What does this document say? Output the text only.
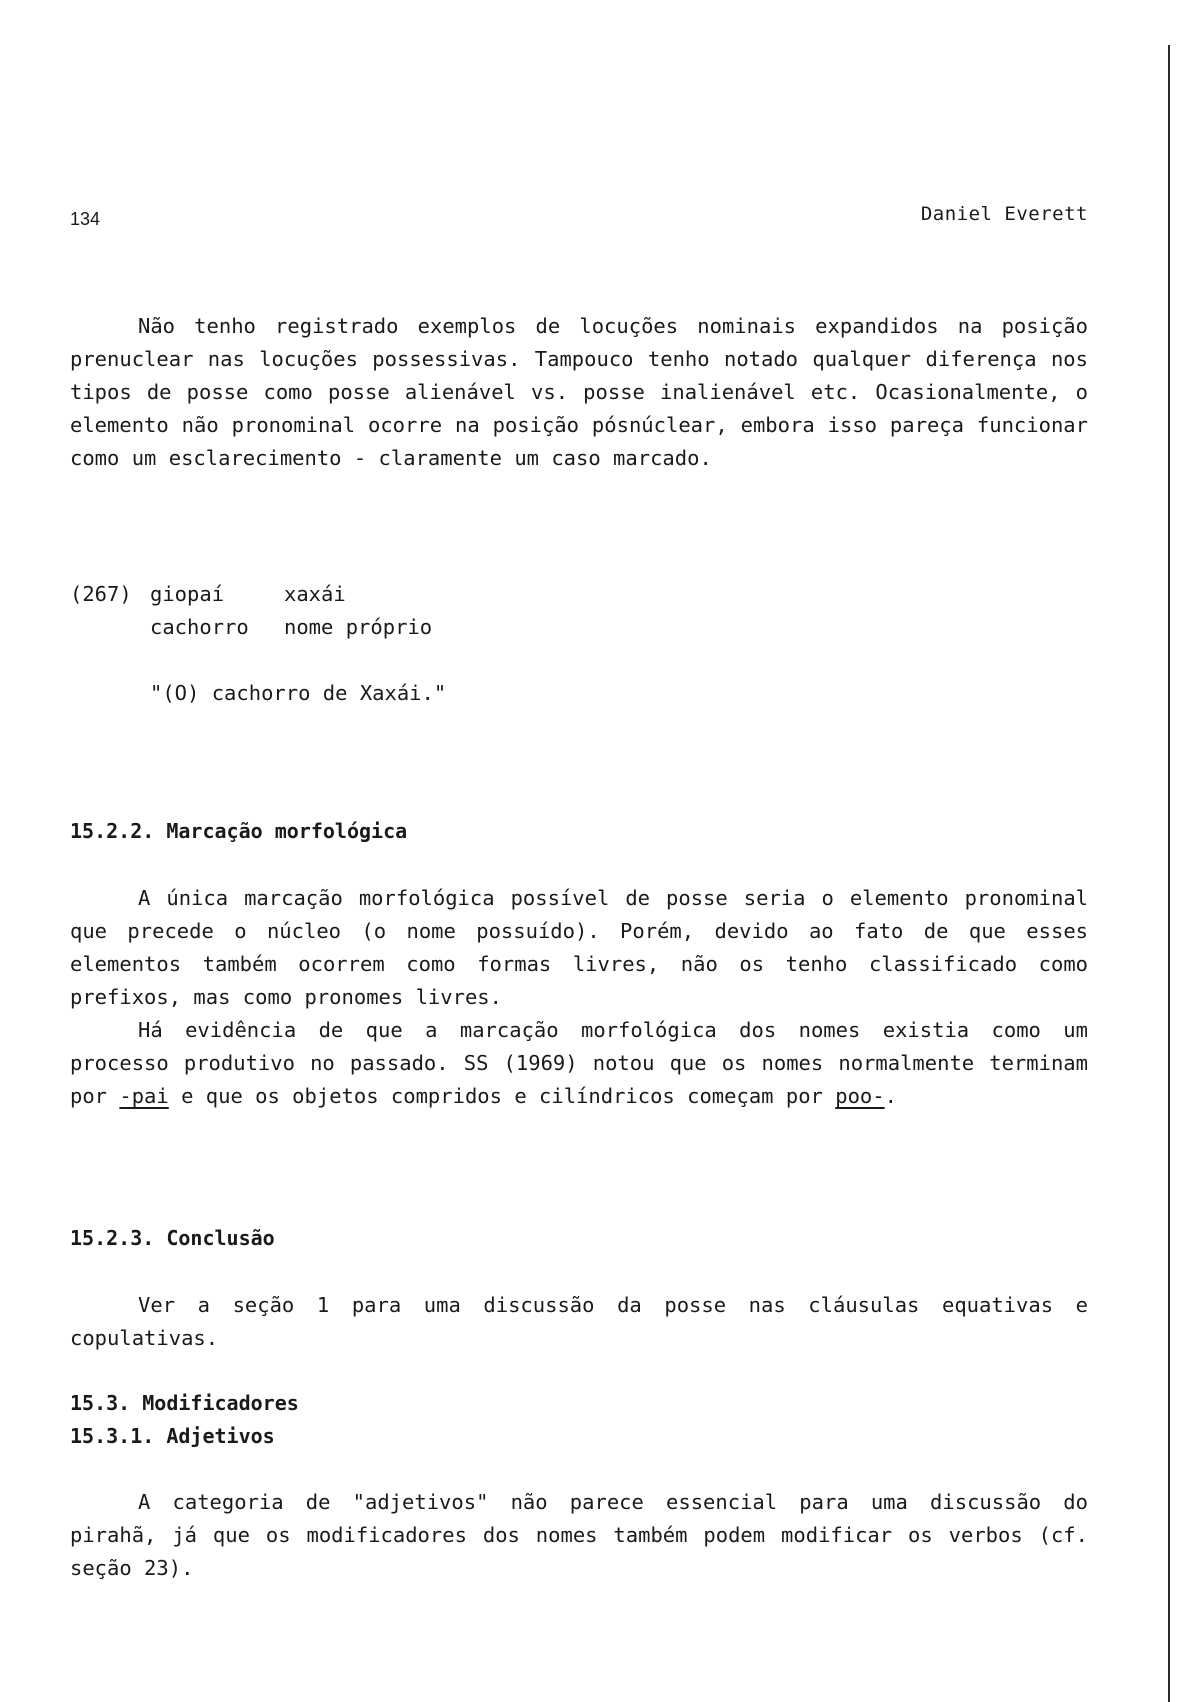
134	Daniel Everett

Não tenho registrado exemplos de locuções nominais expandidos na posição prenuclear nas locuções possessivas. Tampouco tenho notado qualquer diferença nos tipos de posse como posse alienável vs. posse inalienável etc. Ocasionalmente, o elemento não pronominal ocorre na posição pósnúclear, embora isso pareça funcionar como um esclarecimento - claramente um caso marcado.

(267) giopaí	xaxái
cachorro	nome próprio
"(O) cachorro de Xaxái."
15.2.2. Marcação morfológica

A única marcação morfológica possível de posse seria o elemento pronominal que precede o núcleo (o nome possuído). Porém, devido ao fato de que esses elementos também ocorrem como formas livres, não os tenho classificado como prefixos, mas como pronomes livres.

Há evidência de que a marcação morfológica dos nomes existia como um processo produtivo no passado. SS (1969) notou que os nomes normalmente terminam por -pai e que os objetos compridos e cilíndricos começam por poo-.

15.2.3. Conclusão

Ver a seção 1 para uma discussão da posse nas cláusulas equativas e copulativas.

15.3. Modificadores
15.3.1. Adjetivos

A categoria de "adjetivos" não parece essencial para uma discussão do pirahã, já que os modificadores dos nomes também podem modificar os verbos (cf. seção 23).
